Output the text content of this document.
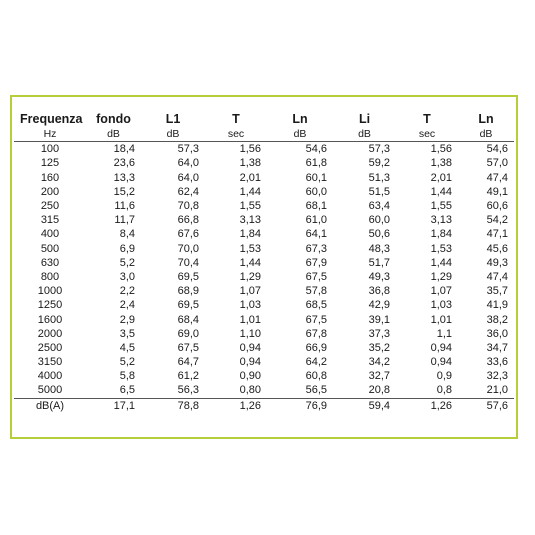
Frequenza	fondo	L1	T	Ln	Li	T	Ln
Hz	dB	dB	sec	dB	dB	sec	dB
100	18,4	57,3	1,56	54,6	57,3	1,56	54,6
125	23,6	64,0	1,38	61,8	59,2	1,38	57,0
160	13,3	64,0	2,01	60,1	51,3	2,01	47,4
200	15,2	62,4	1,44	60,0	51,5	1,44	49,1
250	11,6	70,8	1,55	68,1	63,4	1,55	60,6
315	11,7	66,8	3,13	61,0	60,0	3,13	54,2
400	8,4	67,6	1,84	64,1	50,6	1,84	47,1
500	6,9	70,0	1,53	67,3	48,3	1,53	45,6
630	5,2	70,4	1,44	67,9	51,7	1,44	49,3
800	3,0	69,5	1,29	67,5	49,3	1,29	47,4
1000	2,2	68,9	1,07	57,8	36,8	1,07	35,7
1250	2,4	69,5	1,03	68,5	42,9	1,03	41,9
1600	2,9	68,4	1,01	67,5	39,1	1,01	38,2
2000	3,5	69,0	1,10	67,8	37,3	1,1	36,0
2500	4,5	67,5	0,94	66,9	35,2	0,94	34,7
3150	5,2	64,7	0,94	64,2	34,2	0,94	33,6
4000	5,8	61,2	0,90	60,8	32,7	0,9	32,3
5000	6,5	56,3	0,80	56,5	20,8	0,8	21,0
dB(A)	17,1	78,8	1,26	76,9	59,4	1,26	57,6
